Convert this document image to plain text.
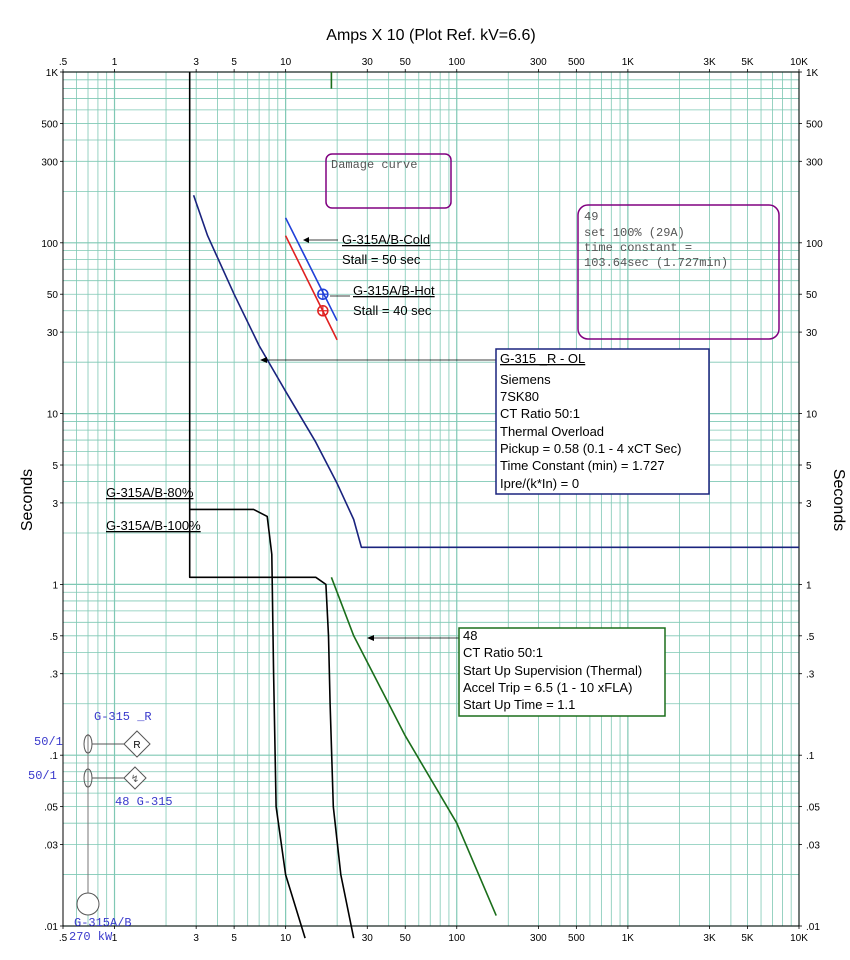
.5
.5
1
1
3
3
5
5
10
10
30
30
50
50
100
100
300
300
500
500
1K
1K
3K
3K
5K
5K
10K
10K
.01	.01
.03	.03
.05	.05
.1	.1
.3	.3
.5	.5
1	1
3	3
5	5
10	10
30	30
50	50
100	100
300	300
500	500
1K	1K
Amps X 10 (Plot Ref. kV=6.6)
Seconds	Seconds
Damage curve
49
set 100% (29A)
time constant =
103.64sec (1.727min)
G-315A/B-Cold
Stall = 50 sec
G-315A/B-Hot
Stall = 40 sec
G-315 _R - OL
Siemens
7SK80
CT Ratio 50:1
Thermal Overload
Pickup = 0.58 (0.1 - 4 xCT Sec)
Time Constant (min) = 1.727
Ipre/(k*In) = 0
48
CT Ratio 50:1
Start Up Supervision (Thermal)
Accel Trip = 6.5 (1 - 10 xFLA)
Start Up Time = 1.1
G-315A/B-80%
G-315A/B-100%
R
↯
G-315 _R
50/1
50/1
48 G-315
G-315A/B
270 kW
